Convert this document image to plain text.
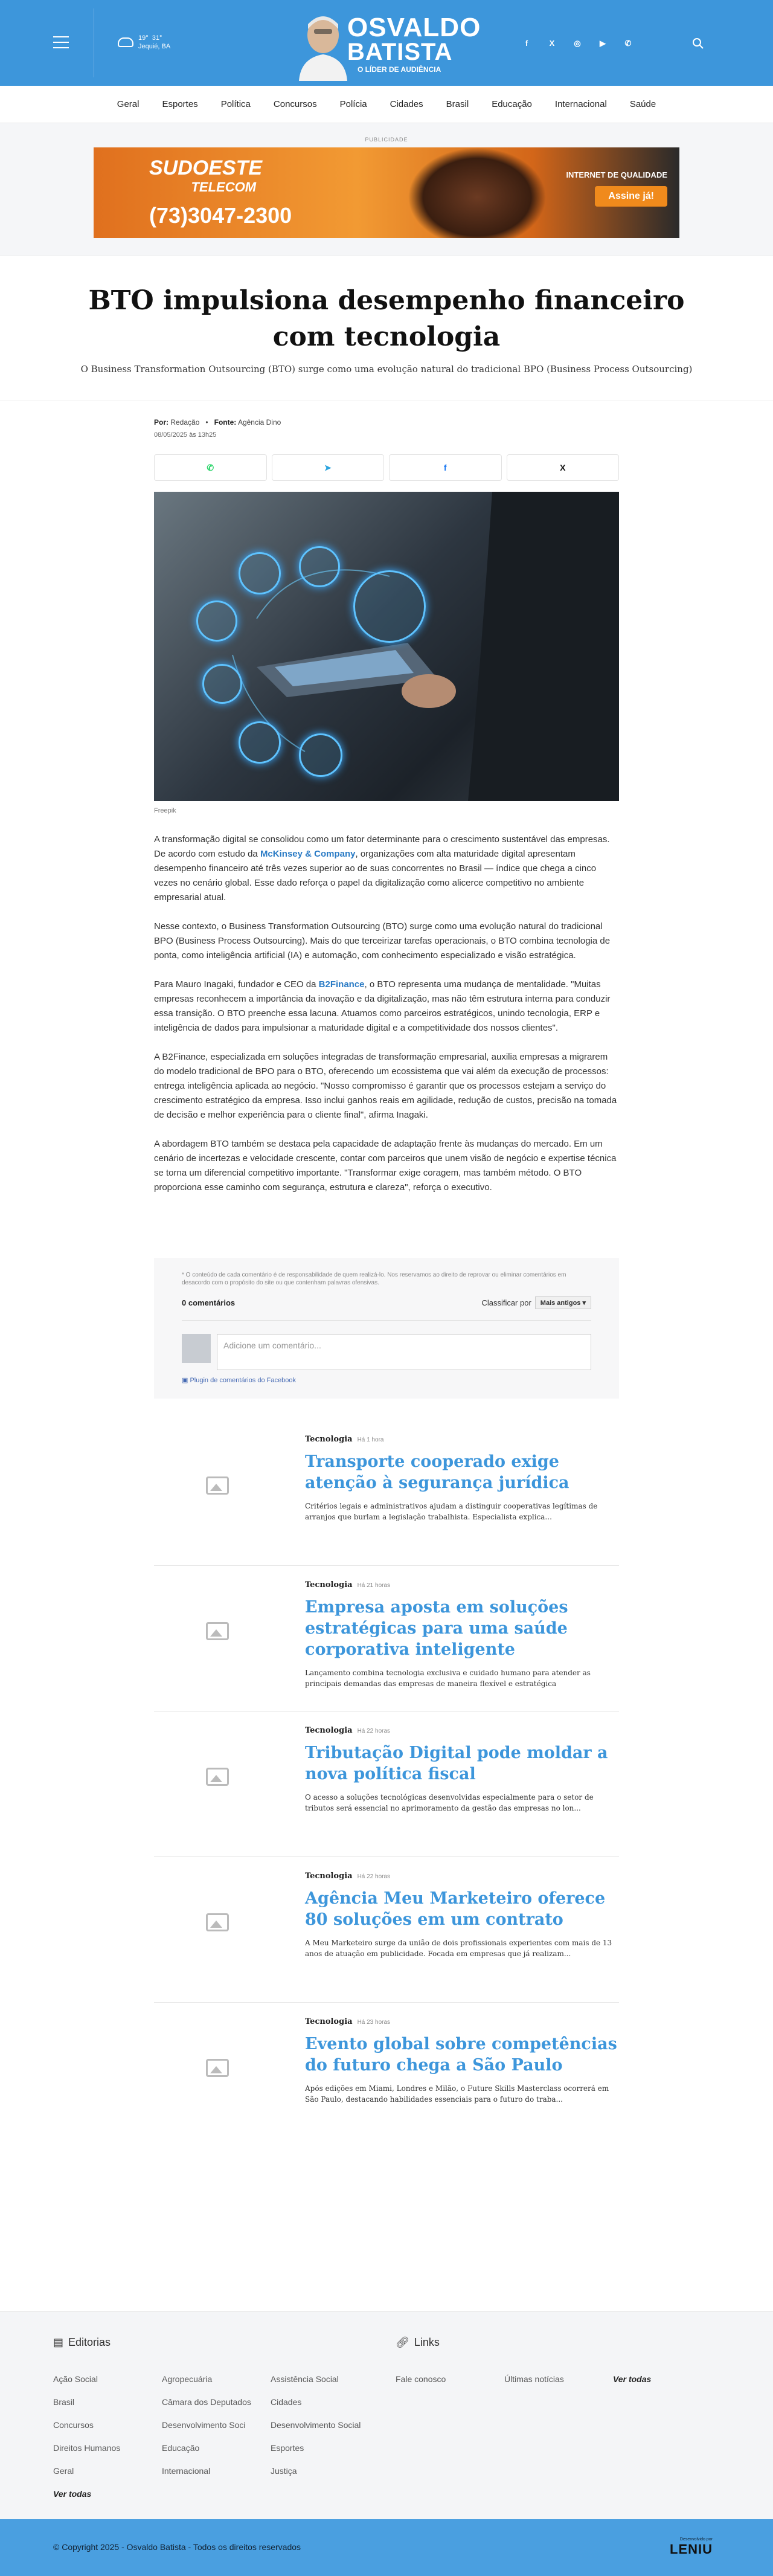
19° 31°
Jequié, BA
OSVALDO
BATISTA
O LÍDER DE AUDIÊNCIA
f	X	◎	▶	✆
Geral	Esportes	Política	Concursos	Polícia	Cidades	Brasil	Educação	Internacional	Saúde
PUBLICIDADE
SUDOESTE
TELECOM
(73)3047-2300
INTERNET DE QUALIDADE
Assine já!
BTO impulsiona desempenho financeiro com tecnologia

O Business Transformation Outsourcing (BTO) surge como uma evolução natural do tradicional BPO (Business Process Outsourcing)

Por: Redação   •   Fonte: Agência Dino
08/05/2025 às 13h25
✆	➤	f	X
Freepik

A transformação digital se consolidou como um fator determinante para o crescimento sustentável das empresas. De acordo com estudo da McKinsey & Company, organizações com alta maturidade digital apresentam desempenho financeiro até três vezes superior ao de suas concorrentes no Brasil — índice que chega a cinco vezes no cenário global. Esse dado reforça o papel da digitalização como alicerce competitivo no ambiente empresarial atual.

Nesse contexto, o Business Transformation Outsourcing (BTO) surge como uma evolução natural do tradicional BPO (Business Process Outsourcing). Mais do que terceirizar tarefas operacionais, o BTO combina tecnologia de ponta, como inteligência artificial (IA) e automação, com conhecimento especializado e visão estratégica.

Para Mauro Inagaki, fundador e CEO da B2Finance, o BTO representa uma mudança de mentalidade. "Muitas empresas reconhecem a importância da inovação e da digitalização, mas não têm estrutura interna para conduzir essa transição. O BTO preenche essa lacuna. Atuamos como parceiros estratégicos, unindo tecnologia, ERP e inteligência de dados para impulsionar a maturidade digital e a competitividade dos nossos clientes".

A B2Finance, especializada em soluções integradas de transformação empresarial, auxilia empresas a migrarem do modelo tradicional de BPO para o BTO, oferecendo um ecossistema que vai além da execução de processos: entrega inteligência aplicada ao negócio. "Nosso compromisso é garantir que os processos estejam a serviço do crescimento estratégico da empresa. Isso inclui ganhos reais em agilidade, redução de custos, precisão na tomada de decisão e melhor experiência para o cliente final", afirma Inagaki.

A abordagem BTO também se destaca pela capacidade de adaptação frente às mudanças do mercado. Em um cenário de incertezas e velocidade crescente, contar com parceiros que unem visão de negócio e expertise técnica se torna um diferencial competitivo importante. "Transformar exige coragem, mas também método. O BTO proporciona esse caminho com segurança, estrutura e clareza", reforça o executivo.

* O conteúdo de cada comentário é de responsabilidade de quem realizá-lo. Nos reservamos ao direito de reprovar ou eliminar comentários em desacordo com o propósito do site ou que contenham palavras ofensivas.
0 comentários	Classificar por	Mais antigos ▾
Adicione um comentário...
▣ Plugin de comentários do Facebook
Tecnologia Há 1 hora
Transporte cooperado exige atenção à segurança jurídica

Critérios legais e administrativos ajudam a distinguir cooperativas legítimas de arranjos que burlam a legislação trabalhista. Especialista explica...

Tecnologia Há 21 horas
Empresa aposta em soluções estratégicas para uma saúde corporativa inteligente

Lançamento combina tecnologia exclusiva e cuidado humano para atender as principais demandas das empresas de maneira flexível e estratégica

Tecnologia Há 22 horas
Tributação Digital pode moldar a nova política fiscal

O acesso a soluções tecnológicas desenvolvidas especialmente para o setor de tributos será essencial no aprimoramento da gestão das empresas no lon...

Tecnologia Há 22 horas
Agência Meu Marketeiro oferece 80 soluções em um contrato

A Meu Marketeiro surge da união de dois profissionais experientes com mais de 13 anos de atuação em publicidade. Focada em empresas que já realizam...

Tecnologia Há 23 horas
Evento global sobre competências do futuro chega a São Paulo

Após edições em Miami, Londres e Milão, o Future Skills Masterclass ocorrerá em São Paulo, destacando habilidades essenciais para o futuro do traba...

▤ Editorias	🔗︎ Links
Ação Social
Brasil
Concursos
Direitos Humanos
Geral
Ver todas
Agropecuária
Câmara dos Deputados
Desenvolvimento Soci
Educação
Internacional
Assistência Social
Cidades
Desenvolvimento Social
Esportes
Justiça
Fale conosco	Últimas notícias	Ver todas
© Copyright 2025 - Osvaldo Batista - Todos os direitos reservados
Desenvolvido por
LENIU
